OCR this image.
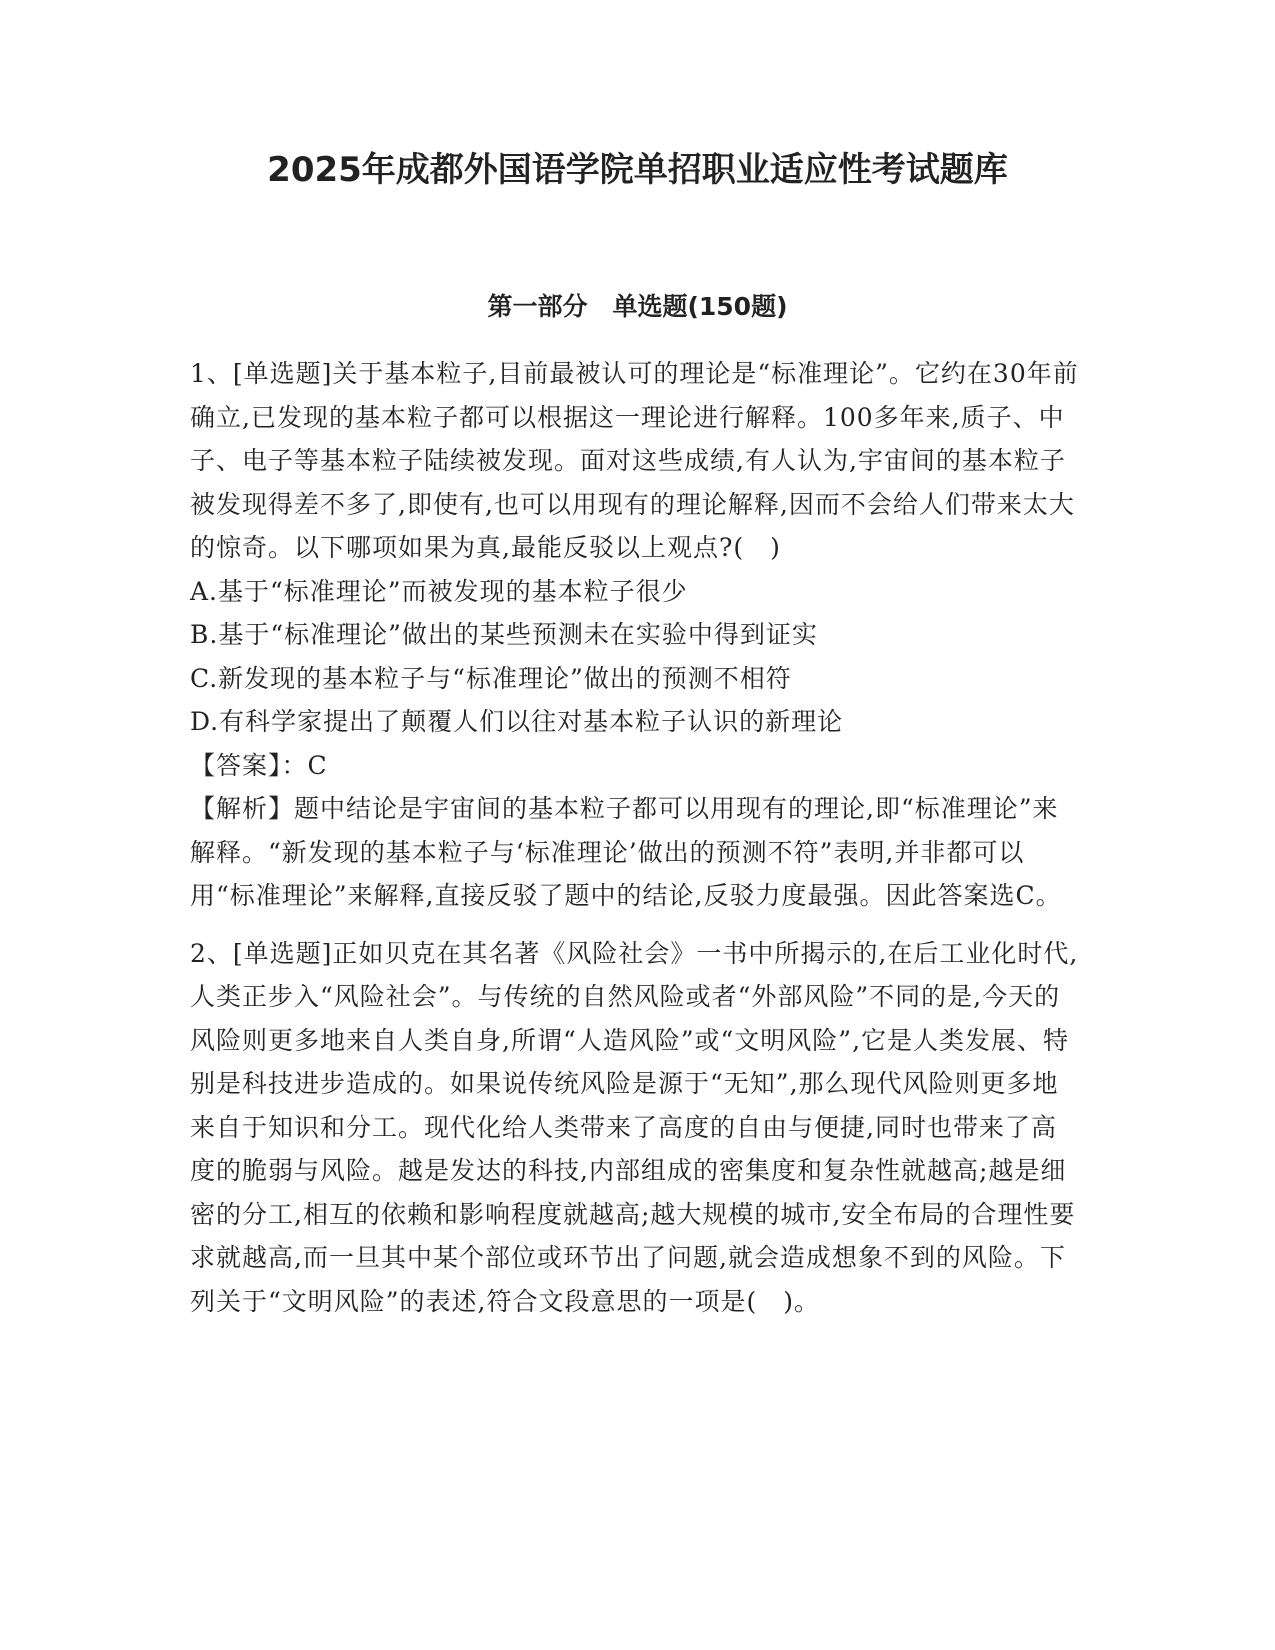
2025年成都外国语学院单招职业适应性考试题库
第一部分　单选题(150题)

1、[单选题]关于基本粒子,目前最被认可的理论是“标准理论”。它约在30年前确立,已发现的基本粒子都可以根据这一理论进行解释。100多年来,质子、中子、电子等基本粒子陆续被发现。面对这些成绩,有人认为,宇宙间的基本粒子被发现得差不多了,即使有,也可以用现有的理论解释,因而不会给人们带来太大的惊奇。以下哪项如果为真,最能反驳以上观点?(　)

A.基于“标准理论”而被发现的基本粒子很少

B.基于“标准理论”做出的某些预测未在实验中得到证实

C.新发现的基本粒子与“标准理论”做出的预测不相符

D.有科学家提出了颠覆人们以往对基本粒子认识的新理论

【答案】：C

【解析】题中结论是宇宙间的基本粒子都可以用现有的理论,即“标准理论”来解释。“新发现的基本粒子与‘标准理论’做出的预测不符”表明,并非都可以用“标准理论”来解释,直接反驳了题中的结论,反驳力度最强。因此答案选C。

2、[单选题]正如贝克在其名著《风险社会》一书中所揭示的,在后工业化时代,人类正步入“风险社会”。与传统的自然风险或者“外部风险”不同的是,今天的风险则更多地来自人类自身,所谓“人造风险”或“文明风险”,它是人类发展、特别是科技进步造成的。如果说传统风险是源于“无知”,那么现代风险则更多地来自于知识和分工。现代化给人类带来了高度的自由与便捷,同时也带来了高度的脆弱与风险。越是发达的科技,内部组成的密集度和复杂性就越高;越是细密的分工,相互的依赖和影响程度就越高;越大规模的城市,安全布局的合理性要求就越高,而一旦其中某个部位或环节出了问题,就会造成想象不到的风险。下列关于“文明风险”的表述,符合文段意思的一项是(　)。
